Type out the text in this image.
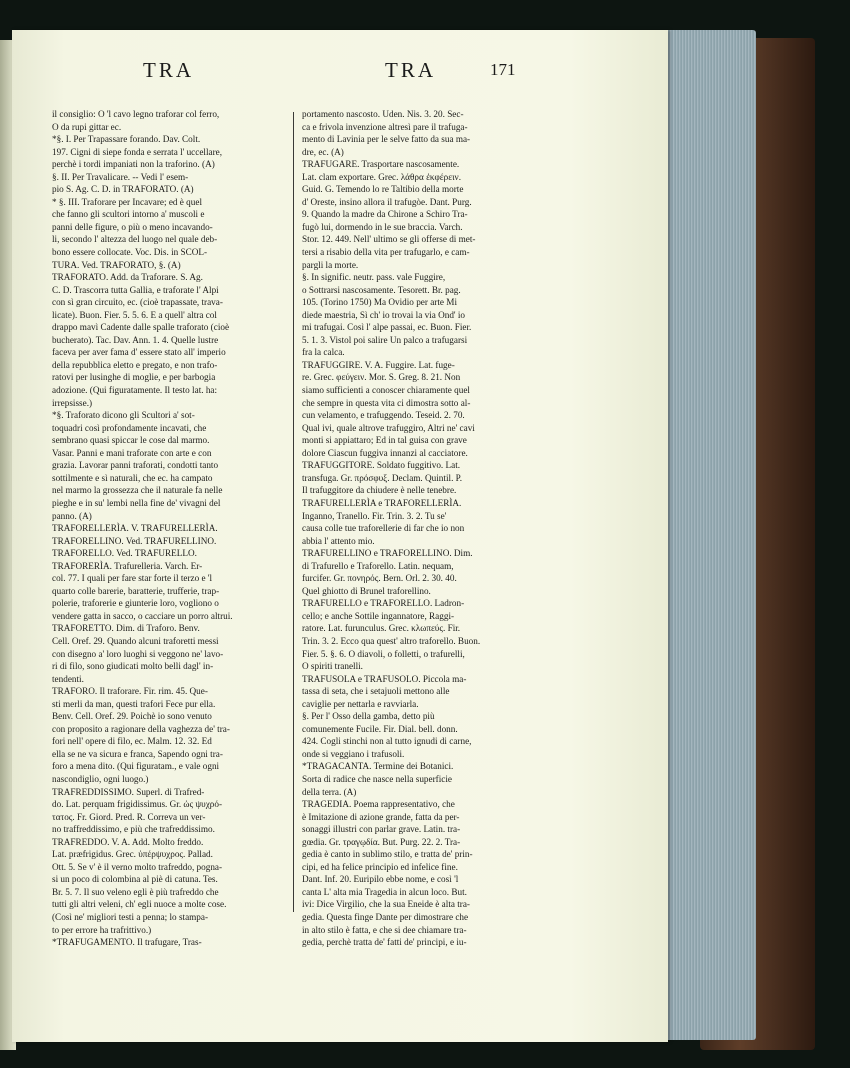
TRA	TRA	171
il consiglio: O 'l cavo legno traforar col ferro,
O da rupi gittar ec.
*§. I. Per Trapassare forando. Dav. Colt.
197. Cigni di siepe fonda e serrata l' uccellare,
perchè i tordi impaniati non la traforino. (A)
§. II. Per Travalicare. -- Vedi l' esem-
pio S. Ag. C. D. in TRAFORATO. (A)
* §. III. Traforare per Incavare; ed è quel
che fanno gli scultori intorno a' muscoli e
panni delle figure, o più o meno incavando-
li, secondo l' altezza del luogo nel quale deb-
bono essere collocate. Voc. Dis. in SCOL-
TURA. Ved. TRAFORATO, §. (A)
TRAFORATO. Add. da Traforare. S. Ag.
C. D. Trascorra tutta Gallia, e traforate l' Alpi
con sì gran circuito, ec. (cioè trapassate, trava-
licate). Buon. Fier. 5. 5. 6. E a quell' altra col
drappo mavì Cadente dalle spalle traforato (cioè
bucherato). Tac. Dav. Ann. 1. 4. Quelle lustre
faceva per aver fama d' essere stato all' imperio
della repubblica eletto e pregato, e non trafo-
ratovi per lusinghe di moglie, e per barbogia
adozione. (Qui figuratamente. Il testo lat. ha:
irrepsisse.)
*§. Traforato dicono gli Scultori a' sot-
toquadri così profondamente incavati, che
sembrano quasi spiccar le cose dal marmo.
Vasar. Panni e mani traforate con arte e con
grazia. Lavorar panni traforati, condotti tanto
sottilmente e sì naturali, che ec. ha campato
nel marmo la grossezza che il naturale fa nelle
pieghe e in su' lembi nella fine de' vivagni del
panno. (A)
TRAFORELLERÌA. V. TRAFURELLERÌA.
TRAFORELLINO. Ved. TRAFURELLINO.
TRAFORELLO. Ved. TRAFURELLO.
TRAFORERÌA. Trafurelleria. Varch. Er-
col. 77. I quali per fare star forte il terzo e 'l
quarto colle barerie, baratterie, trufferie, trap-
polerie, traforerie e giunterie loro, vogliono o
vendere gatta in sacco, o cacciare un porro altrui.
TRAFORETTO. Dim. di Traforo. Benv.
Cell. Oref. 29. Quando alcuni traforetti messi
con disegno a' loro luoghi si veggono ne' lavo-
ri di filo, sono giudicati molto belli dagl' in-
tendenti.
TRAFORO. Il traforare. Fir. rim. 45. Que-
sti merli da man, questi trafori Fece pur ella.
Benv. Cell. Oref. 29. Poichè io sono venuto
con proposito a ragionare della vaghezza de' tra-
fori nell' opere di filo, ec. Malm. 12. 32. Ed
ella se ne va sicura e franca, Sapendo ogni tra-
foro a mena dito. (Qui figuratam., e vale ogni
nascondiglio, ogni luogo.)
TRAFREDDISSIMO. Superl. di Trafred-
do. Lat. perquam frigidissimus. Gr. ὡς ψυχρό-
τατος. Fr. Giord. Pred. R. Correva un ver-
no traffreddissimo, e più che trafreddissimo.
TRAFREDDO. V. A. Add. Molto freddo.
Lat. præfrigidus. Grec. ὑπέρψυχρος. Pallad.
Ott. 5. Se v' è il verno molto trafreddo, pogna-
si un poco di colombina al piè di catuna. Tes.
Br. 5. 7. Il suo veleno egli è più trafreddo che
tutti gli altri veleni, ch' egli nuoce a molte cose.
(Così ne' migliori testi a penna; lo stampa-
to per errore ha trafrittivo.)
*TRAFUGAMENTO. Il trafugare, Tras-
portamento nascosto. Uden. Nis. 3. 20. Sec-
ca e frivola invenzione altresì pare il trafuga-
mento di Lavinia per le selve fatto da sua ma-
dre, ec. (A)
TRAFUGARE. Trasportare nascosamente.
Lat. clam exportare. Grec. λάθρα ἐκφέρειν.
Guid. G. Temendo lo re Taltibio della morte
d' Oreste, insino allora il trafugòe. Dant. Purg.
9. Quando la madre da Chirone a Schiro Tra-
fugò lui, dormendo in le sue braccia. Varch.
Stor. 12. 449. Nell' ultimo se gli offerse di met-
tersi a risabio della vita per trafugarlo, e cam-
pargli la morte.
§. In signific. neutr. pass. vale Fuggire,
o Sottrarsi nascosamente. Tesorett. Br. pag.
105. (Torino 1750) Ma Ovidio per arte Mi
diede maestria, Sì ch' io trovai la via Ond' io
mi trafugai. Così l' alpe passai, ec. Buon. Fier.
5. 1. 3. Vistol poi salire Un palco a trafugarsi
fra la calca.
TRAFUGGIRE. V. A. Fuggire. Lat. fuge-
re. Grec. φεύγειν. Mor. S. Greg. 8. 21. Non
siamo sufficienti a conoscer chiaramente quel
che sempre in questa vita ci dimostra sotto al-
cun velamento, e trafuggendo. Teseid. 2. 70.
Qual ivi, quale altrove trafuggiro, Altri ne' cavi
monti si appiattaro; Ed in tal guisa con grave
dolore Ciascun fuggiva innanzi al cacciatore.
TRAFUGGITORE. Soldato fuggitivo. Lat.
transfuga. Gr. πρόσφυξ. Declam. Quintil. P.
Il trafuggitore da chiudere è nelle tenebre.
TRAFURELLERÌA e TRAFORELLERÌA.
Inganno, Tranello. Fir. Trin. 3. 2. Tu se'
causa colle tue traforellerie di far che io non
abbia l' attento mio.
TRAFURELLINO e TRAFORELLINO. Dim.
di Trafurello e Traforello. Latin. nequam,
furcifer. Gr. πονηρός. Bern. Orl. 2. 30. 40.
Quel ghiotto di Brunel traforellino.
TRAFURELLO e TRAFORELLO. Ladron-
cello; e anche Sottile ingannatore, Raggi-
ratore. Lat. furunculus. Grec. κλωπεύς. Fir.
Trin. 3. 2. Ecco qua quest' altro traforello. Buon.
Fier. 5. §. 6. O diavoli, o folletti, o trafurelli,
O spiriti tranelli.
TRAFUSOLA e TRAFUSOLO. Piccola ma-
tassa di seta, che i setajuoli mettono alle
caviglie per nettarla e ravviarla.
§. Per l' Osso della gamba, detto più
comunemente Fucile. Fir. Dial. bell. donn.
424. Cogli stinchi non al tutto ignudi di carne,
onde si veggiano i trafusoli.
*TRAGACANTA. Termine dei Botanici.
Sorta di radice che nasce nella superficie
della terra. (A)
TRAGEDIA. Poema rappresentativo, che
è Imitazione di azione grande, fatta da per-
sonaggi illustri con parlar grave. Latin. tra-
gœdia. Gr. τραγῳδία. But. Purg. 22. 2. Tra-
gedia è canto in sublimo stilo, e tratta de' prin-
cipi, ed ha felice principio ed infelice fine.
Dant. Inf. 20. Euripilo ebbe nome, e così 'l
canta L' alta mia Tragedia in alcun loco. But.
ivi: Dice Virgilio, che la sua Eneide è alta tra-
gedia. Questa finge Dante per dimostrare che
in alto stilo è fatta, e che si dee chiamare tra-
gedia, perchè tratta de' fatti de' principi, e iu-
